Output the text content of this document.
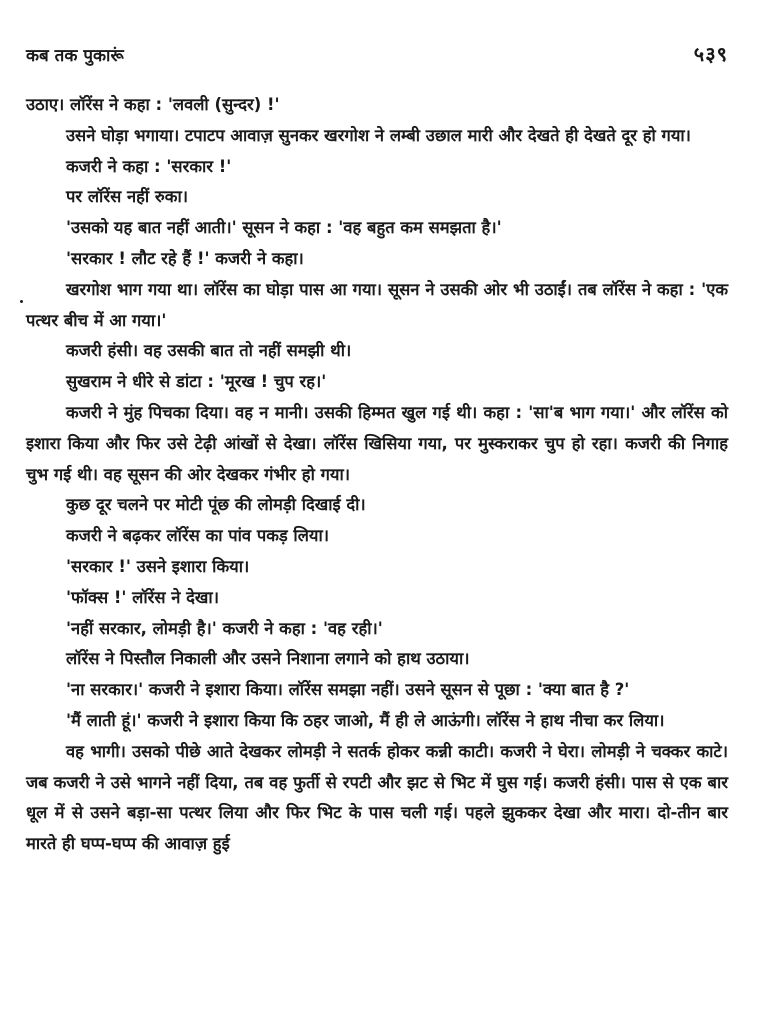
कब तक पुकारूं	५३९

उठाए। लॉरेंस ने कहा : 'लवली (सुन्दर) !'

उसने घोड़ा भगाया। टपाटप आवाज़ सुनकर खरगोश ने लम्बी उछाल मारी और देखते ही देखते दूर हो गया।

कजरी ने कहा : 'सरकार !'

पर लॉरेंस नहीं रुका।

'उसको यह बात नहीं आती।' सूसन ने कहा : 'वह बहुत कम समझता है।'

'सरकार ! लौट रहे हैं !' कजरी ने कहा।

खरगोश भाग गया था। लॉरेंस का घोड़ा पास आ गया। सूसन ने उसकी ओर भी उठाईं। तब लॉरेंस ने कहा : 'एक पत्थर बीच में आ गया।'

कजरी हंसी। वह उसकी बात तो नहीं समझी थी।

सुखराम ने धीरे से डांटा : 'मूरख ! चुप रह।'

कजरी ने मुंह पिचका दिया। वह न मानी। उसकी हिम्मत खुल गई थी। कहा : 'सा'ब भाग गया।' और लॉरेंस को इशारा किया और फिर उसे टेढ़ी आंखों से देखा। लॉरेंस खिसिया गया, पर मुस्कराकर चुप हो रहा। कजरी की निगाह चुभ गई थी। वह सूसन की ओर देखकर गंभीर हो गया।

कुछ दूर चलने पर मोटी पूंछ की लोमड़ी दिखाई दी।

कजरी ने बढ़कर लॉरेंस का पांव पकड़ लिया।

'सरकार !' उसने इशारा किया।

'फॉक्स !' लॉरेंस ने देखा।

'नहीं सरकार, लोमड़ी है।' कजरी ने कहा : 'वह रही।'

लॉरेंस ने पिस्तौल निकाली और उसने निशाना लगाने को हाथ उठाया।

'ना सरकार।' कजरी ने इशारा किया। लॉरेंस समझा नहीं। उसने सूसन से पूछा : 'क्या बात है ?'

'मैं लाती हूं।' कजरी ने इशारा किया कि ठहर जाओ, मैं ही ले आऊंगी। लॉरेंस ने हाथ नीचा कर लिया।

वह भागी। उसको पीछे आते देखकर लोमड़ी ने सतर्क होकर कन्नी काटी। कजरी ने घेरा। लोमड़ी ने चक्कर काटे। जब कजरी ने उसे भागने नहीं दिया, तब वह फुर्ती से रपटी और झट से भिट में घुस गई। कजरी हंसी। पास से एक बार धूल में से उसने बड़ा-सा पत्थर लिया और फिर भिट के पास चली गई। पहले झुककर देखा और मारा। दो-तीन बार मारते ही घप्प-घप्प की आवाज़ हुई
